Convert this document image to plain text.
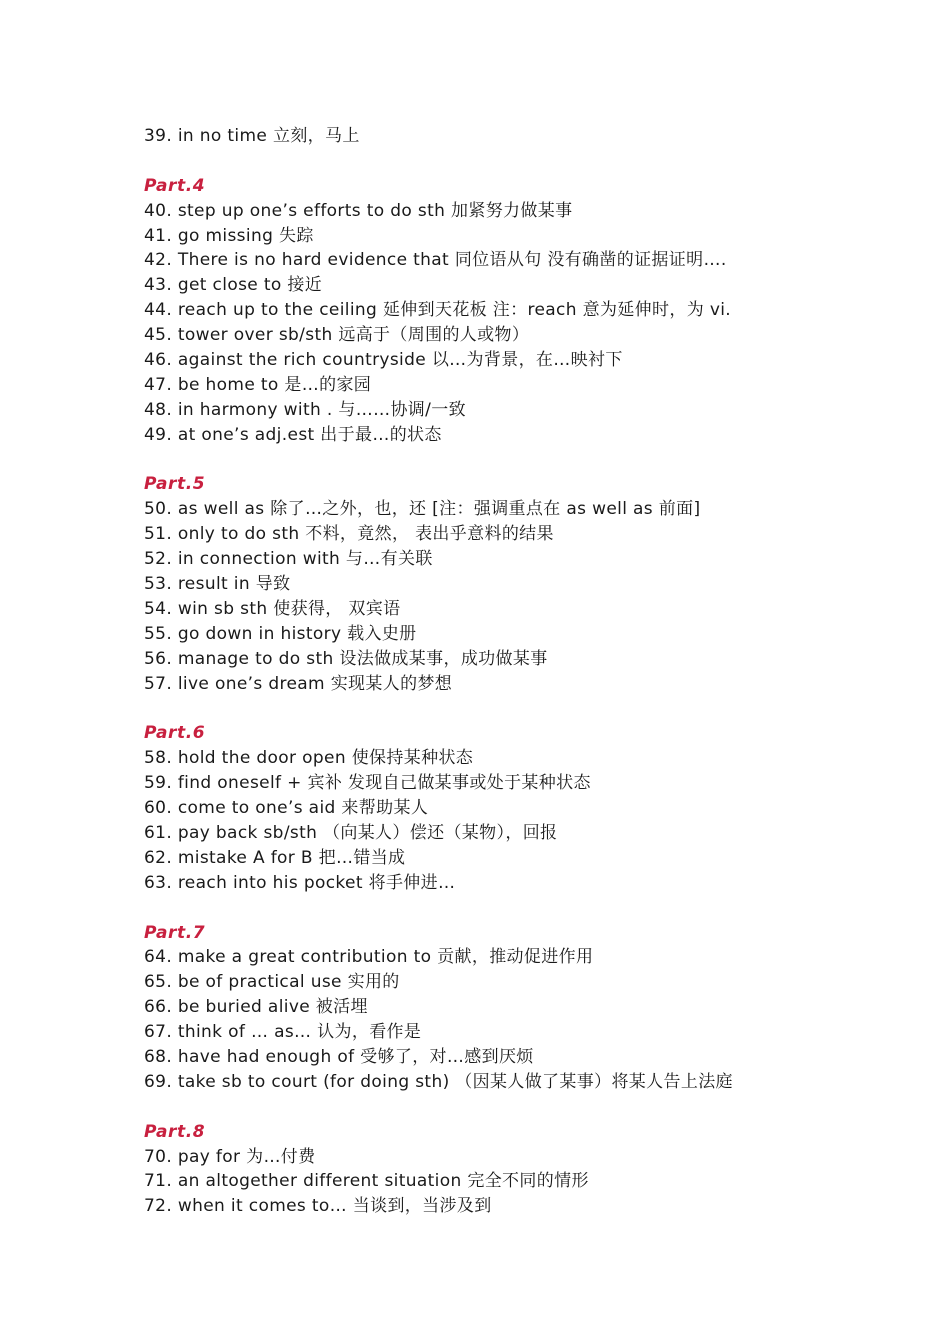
39. in no time 立刻，马上
Part.4
40. step up one’s efforts to do sth 加紧努力做某事
41. go missing 失踪
42. There is no hard evidence that 同位语从句 没有确凿的证据证明….
43. get close to 接近
44. reach up to the ceiling 延伸到天花板 注：reach 意为延伸时，为 vi.
45. tower over sb/sth 远高于（周围的人或物）
46. against the rich countryside 以…为背景，在…映衬下
47. be home to 是…的家园
48. in harmony with . 与……协调/一致
49. at one’s adj.est 出于最…的状态
Part.5
50. as well as 除了…之外，也，还 [注：强调重点在 as well as 前面]
51. only to do sth 不料，竟然， 表出乎意料的结果
52. in connection with 与…有关联
53. result in 导致
54. win sb sth 使获得， 双宾语
55. go down in history 载入史册
56. manage to do sth 设法做成某事，成功做某事
57. live one’s dream 实现某人的梦想
Part.6
58. hold the door open 使保持某种状态
59. find oneself + 宾补 发现自己做某事或处于某种状态
60. come to one’s aid 来帮助某人
61. pay back sb/sth （向某人）偿还（某物），回报
62. mistake A for B 把…错当成
63. reach into his pocket 将手伸进…
Part.7
64. make a great contribution to 贡献，推动促进作用
65. be of practical use 实用的
66. be buried alive 被活埋
67. think of … as… 认为，看作是
68. have had enough of 受够了，对…感到厌烦
69. take sb to court (for doing sth) （因某人做了某事）将某人告上法庭
Part.8
70. pay for 为…付费
71. an altogether different situation 完全不同的情形
72. when it comes to… 当谈到，当涉及到
